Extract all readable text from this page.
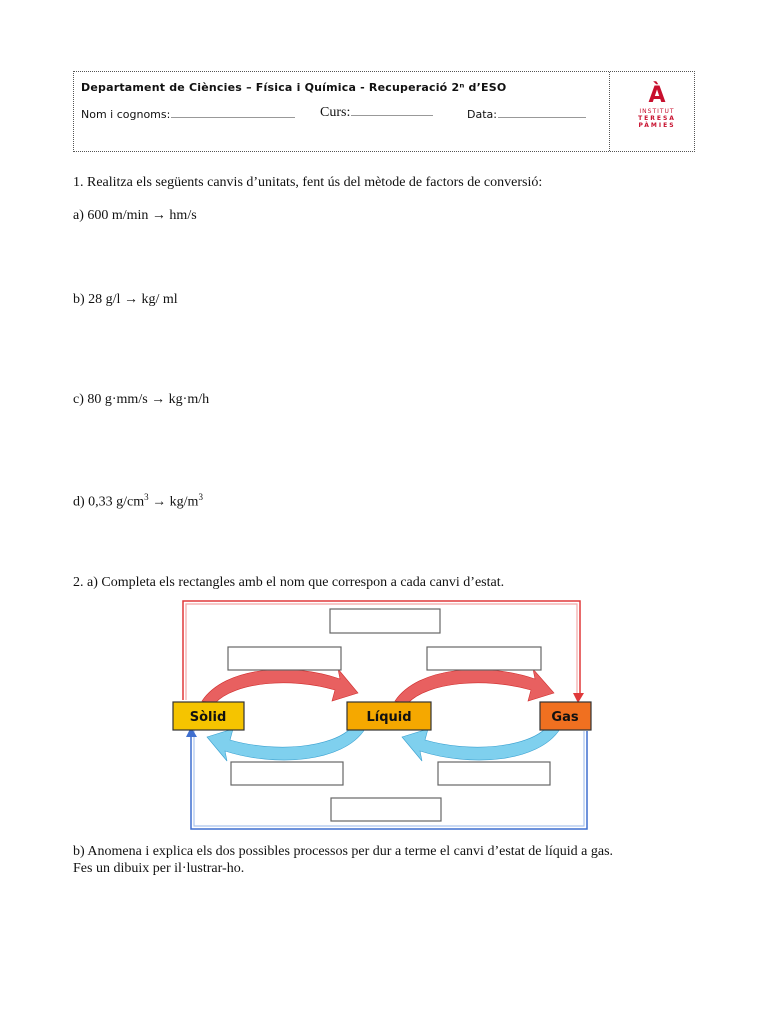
Departament de Ciències – Física i Química - Recuperació 2ⁿ d’ESO
Nom i cognoms:	Curs:	Data:
À
INSTITUT
TERESA
PÀMIES
1. Realitza els següents canvis d’unitats, fent ús del mètode de factors de conversió:
a) 600 m/min → hm/s
b) 28 g/l → kg/ ml
c) 80 g·mm/s → kg·m/h
d) 0,33 $g/cm^3 \to kg/m^3$
2. a) Completa els rectangles amb el nom que correspon a cada canvi d’estat.
Sòlid	Líquid	Gas
b) Anomena i explica els dos possibles processos per dur a terme el canvi d’estat de líquid a gas.
Fes un dibuix per il·lustrar-ho.
